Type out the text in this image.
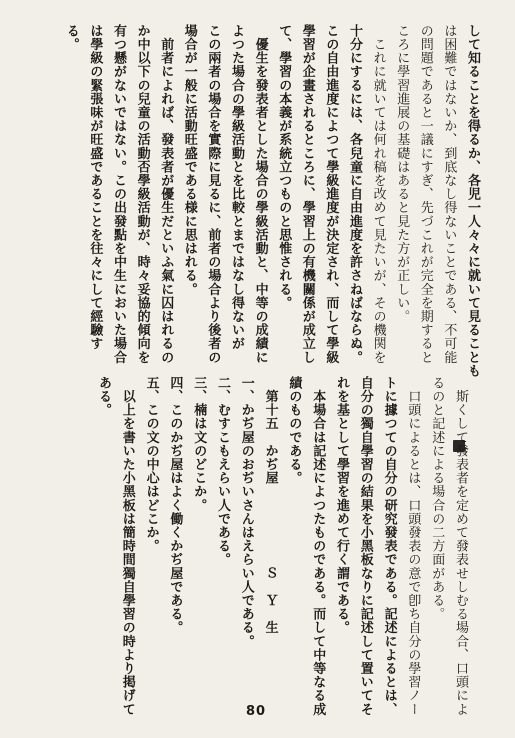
して知ることを得るか、各児一人々々に就いて見ることも
は困難ではないか、到底なし得ないことである、不可能
の問題であると一議にすぎ、先づこれが完全を期すると
ころに學習進展の基礎はあると見た方が正しい。
　これに就いては何れ稿を改めて見たいが、その機関を
十分にするには、各兒童に自由進度を許さねばならぬ。
この自由進度によつて學級進度が決定され、而して學級
學習が企畫されるところに、學習上の有機關係が成立し
て、學習の本義が系統立つものと思惟される。
　優生を發表者とした場合の學級活動と、中等の成績に
よつた場合の學級活動とを比較とまではなし得ないが
この兩者の場合を實際に見るに、前者の場合より後者の
場合が一般に活動旺盛である様に思はれる。
　前者によれば、發表者が優生だといふ氣に囚はれるの
か中以下の兒童の活動否學級活動が、時々妥協的傾向を
有つ懸がないではない。この出發點を中生においた場合
は學級の緊張味が旺盛であることを往々にして經驗す
る。
　斯くして發表者を定めて發表せしむる場合、口頭によ
るのと記述による場合の二方面がある。
　口頭によるとは、口頭發表の意で卽ち自分の學習ノー
トに據つての自分の研究發表である。記述によるとは、
自分の獨自學習の結果を小黑板なりに記述して置いてそ
れを基として學習を進めて行く謂である。
　本場合は記述によつたものである。而して中等なる成
績のものである。
　第十五　かぢ屋　　　　　　Ｓ　Ｙ　生
一、かぢ屋のおぢいさんはえらい人である。
二、むすこもえらい人である。
三、楠は文のどこか。
四、このかぢ屋はよく働くかぢ屋である。
五、この文の中心はどこか。
　以上を書いた小黑板は簡時間獨自學習の時より掲げて
ある。
80
